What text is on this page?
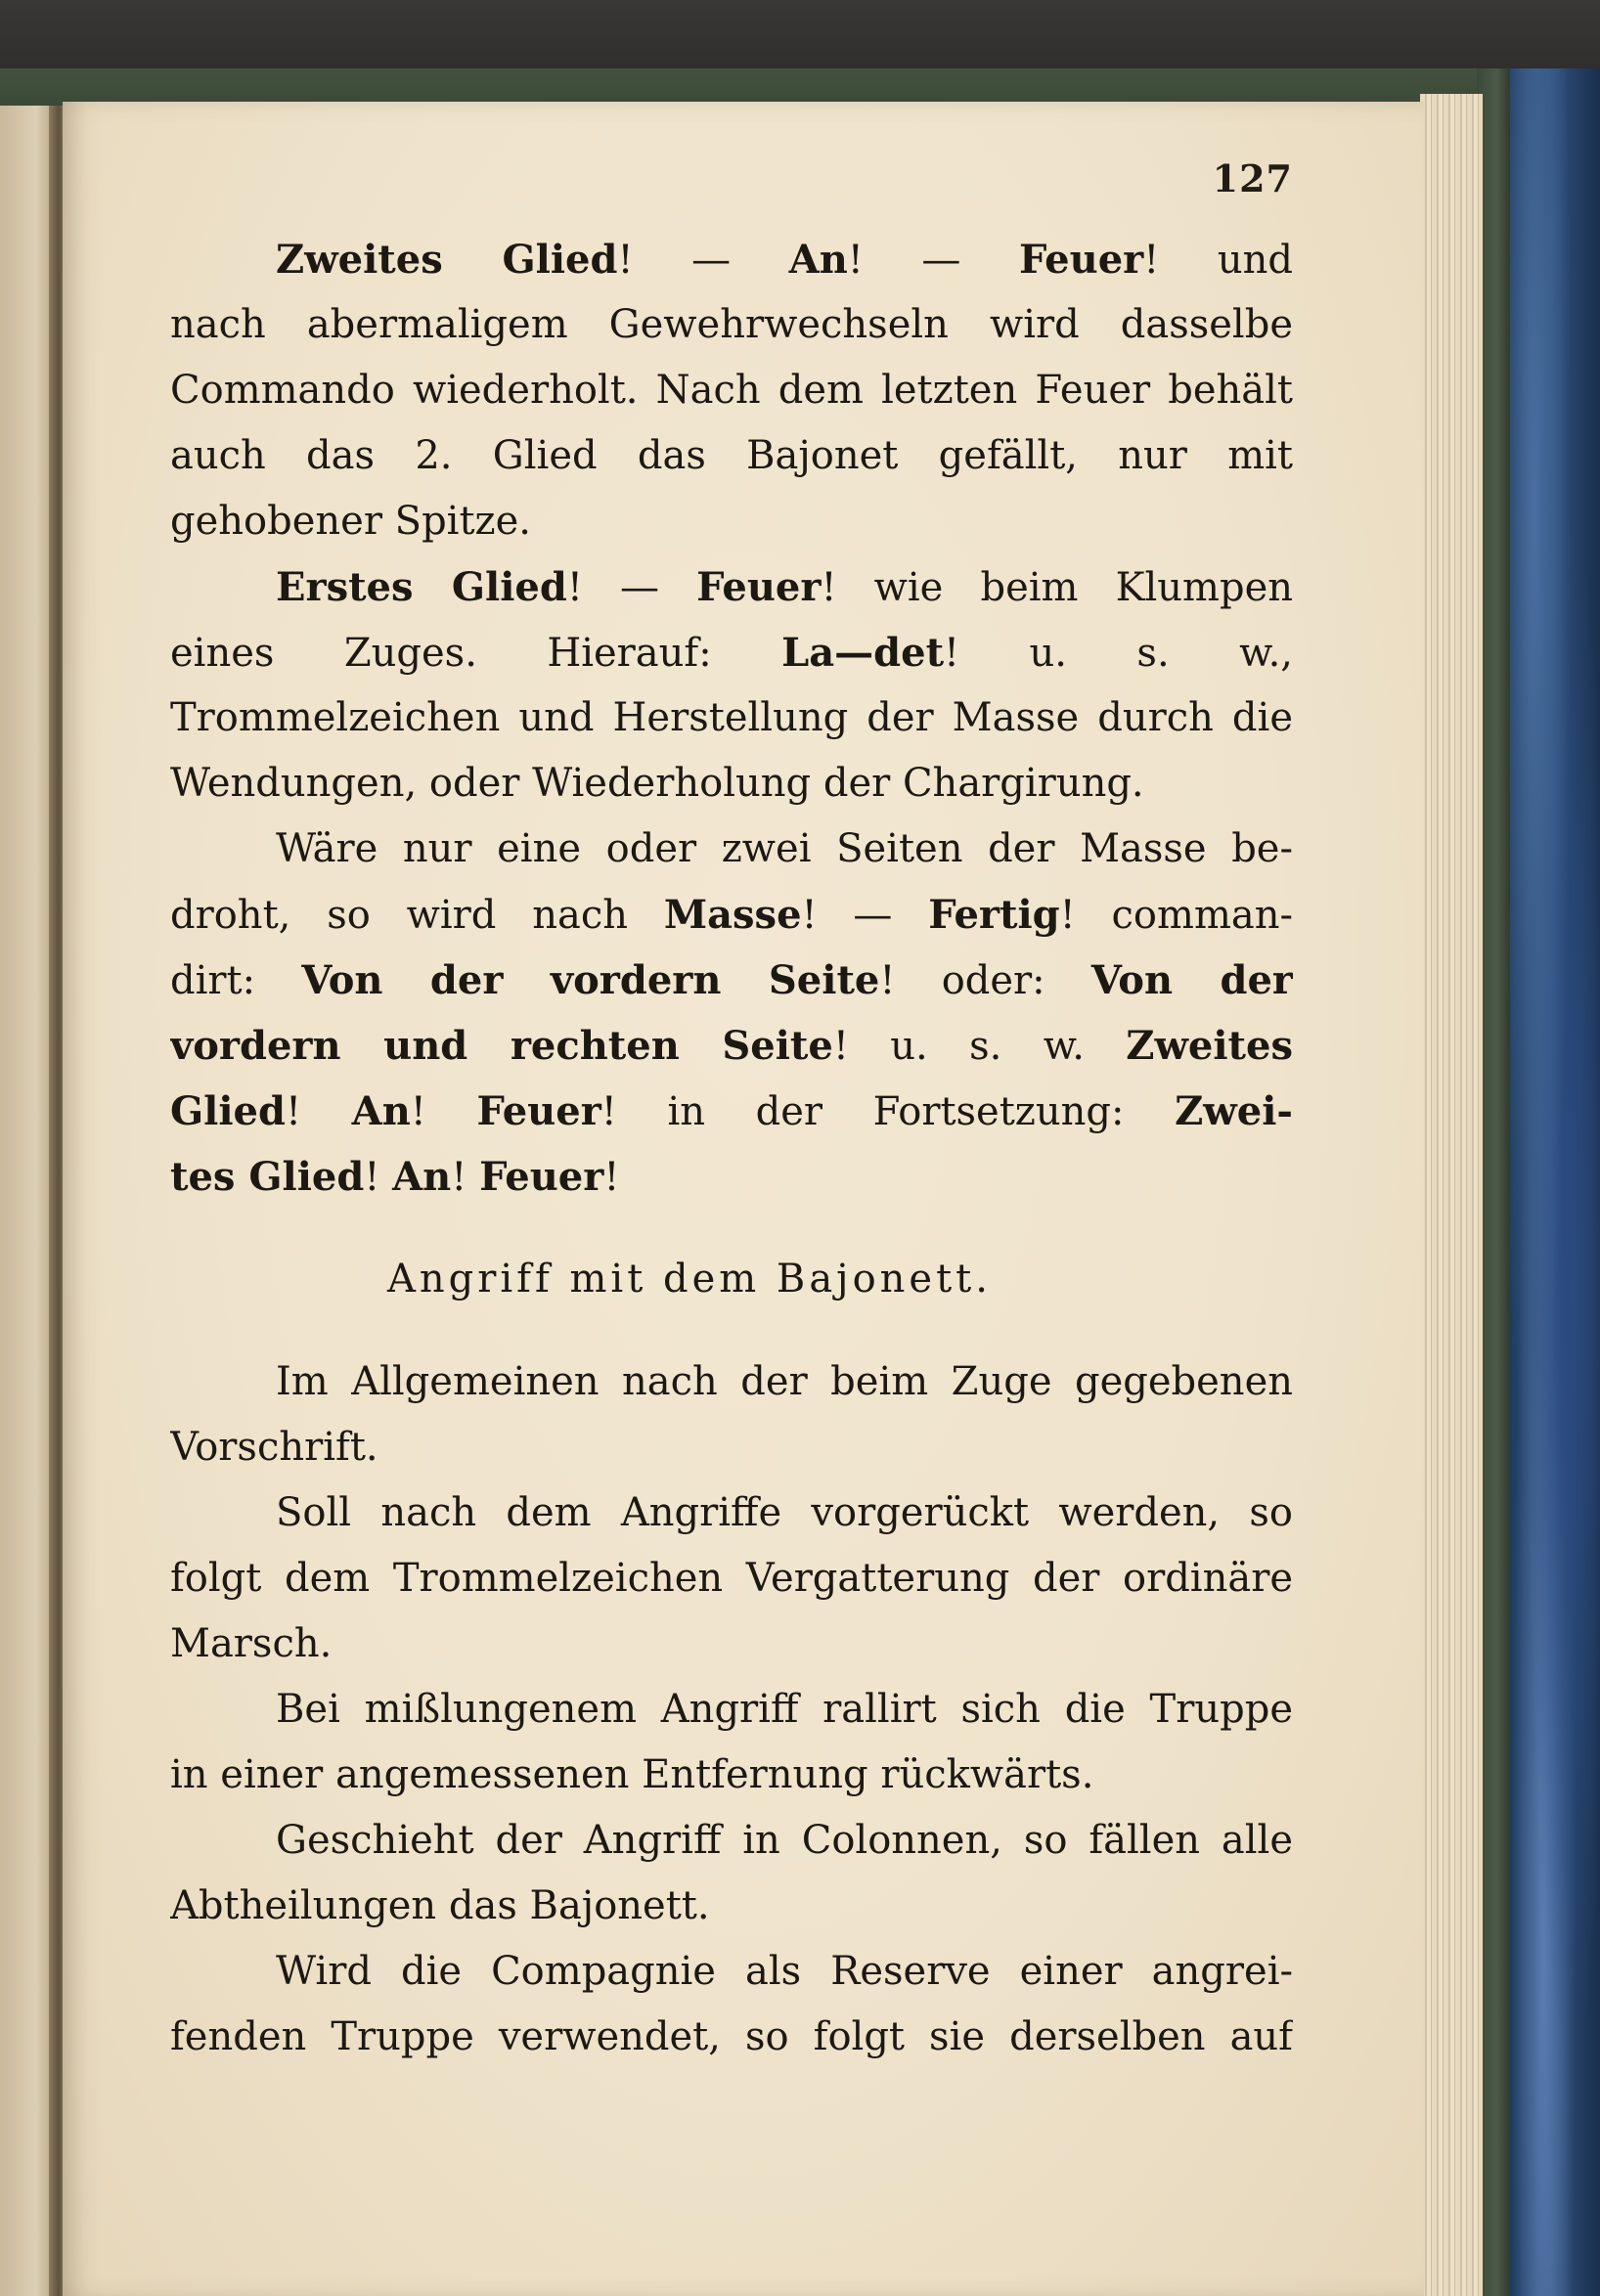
127
Zweites Glied! — An! — Feuer! und
nach abermaligem Gewehrwechseln wird dasselbe
Commando wiederholt. Nach dem letzten Feuer behält
auch das 2. Glied das Bajonet gefällt, nur mit
gehobener Spitze.
Erstes Glied! — Feuer! wie beim Klumpen
eines Zuges. Hierauf: La—det! u. s. w.,
Trommelzeichen und Herstellung der Masse durch die
Wendungen, oder Wiederholung der Chargirung.
Wäre nur eine oder zwei Seiten der Masse be-
droht, so wird nach Masse! — Fertig! comman-
dirt: Von der vordern Seite! oder: Von der
vordern und rechten Seite! u. s. w. Zweites
Glied! An! Feuer! in der Fortsetzung: Zwei-
tes Glied! An! Feuer!
Angriff mit dem Bajonett.
Im Allgemeinen nach der beim Zuge gegebenen
Vorschrift.
Soll nach dem Angriffe vorgerückt werden, so
folgt dem Trommelzeichen Vergatterung der ordinäre
Marsch.
Bei mißlungenem Angriff rallirt sich die Truppe
in einer angemessenen Entfernung rückwärts.
Geschieht der Angriff in Colonnen, so fällen alle
Abtheilungen das Bajonett.
Wird die Compagnie als Reserve einer angrei-
fenden Truppe verwendet, so folgt sie derselben auf
